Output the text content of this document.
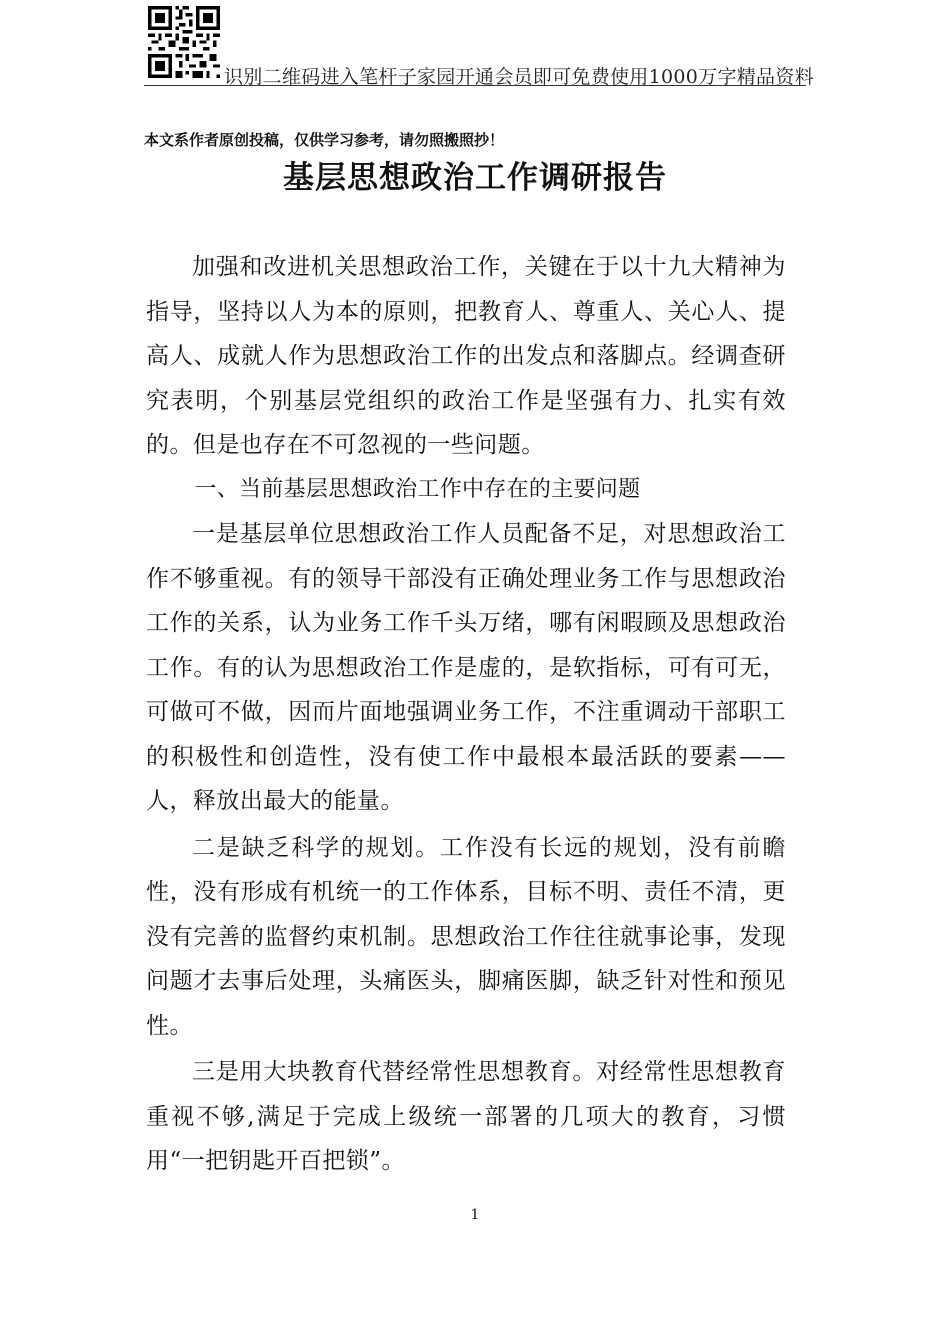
识别二维码进入笔杆子家园开通会员即可免费使用1000万字精品资料
本文系作者原创投稿，仅供学习参考，请勿照搬照抄！
基层思想政治工作调研报告

加强和改进机关思想政治工作，关键在于以十九大精神为指导，坚持以人为本的原则，把教育人、尊重人、关心人、提高人、成就人作为思想政治工作的出发点和落脚点。经调查研究表明，个别基层党组织的政治工作是坚强有力、扎实有效的。但是也存在不可忽视的一些问题。

一、当前基层思想政治工作中存在的主要问题

一是基层单位思想政治工作人员配备不足，对思想政治工作不够重视。有的领导干部没有正确处理业务工作与思想政治工作的关系，认为业务工作千头万绪，哪有闲暇顾及思想政治工作。有的认为思想政治工作是虚的，是软指标，可有可无，可做可不做，因而片面地强调业务工作，不注重调动干部职工的积极性和创造性，没有使工作中最根本最活跃的要素——人，释放出最大的能量。

二是缺乏科学的规划。工作没有长远的规划，没有前瞻性，没有形成有机统一的工作体系，目标不明、责任不清，更没有完善的监督约束机制。思想政治工作往往就事论事，发现问题才去事后处理，头痛医头，脚痛医脚，缺乏针对性和预见性。

三是用大块教育代替经常性思想教育。对经常性思想教育重视不够,满足于完成上级统一部署的几项大的教育，习惯用“一把钥匙开百把锁”。

1
